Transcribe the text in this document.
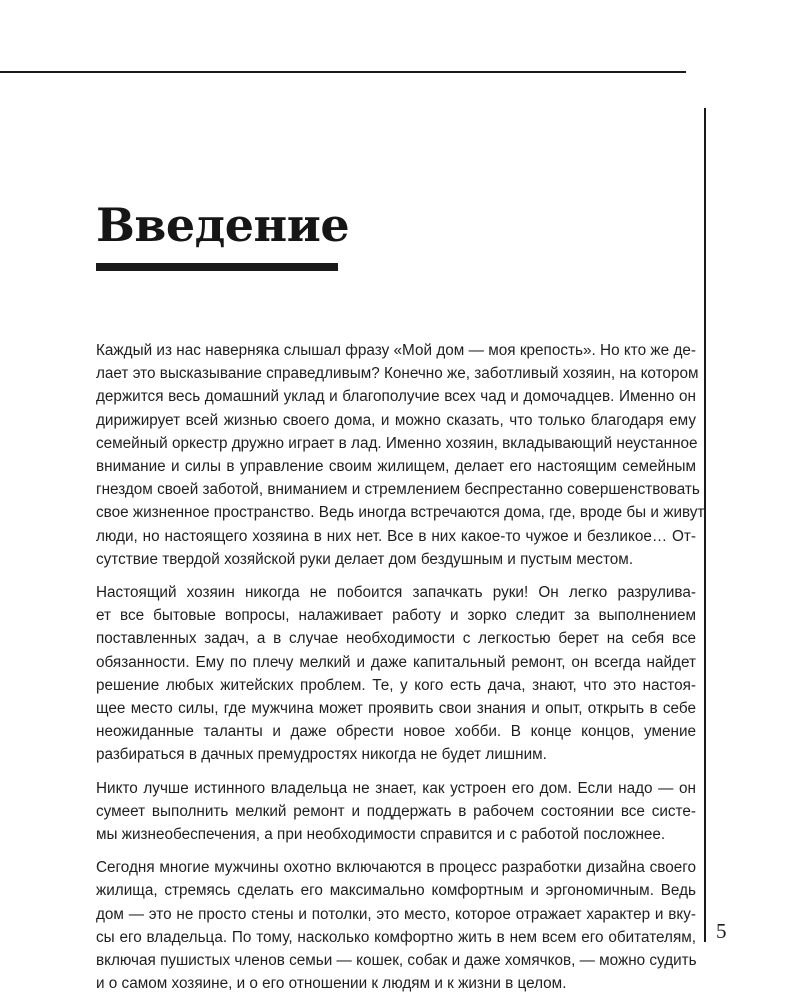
Введение

Каждый из нас наверняка слышал фразу «Мой дом — моя крепость». Но кто же де-
лает это высказывание справедливым? Конечно же, заботливый хозяин, на котором
держится весь домашний уклад и благополучие всех чад и домочадцев. Именно он
дирижирует всей жизнью своего дома, и можно сказать, что только благодаря ему
семейный оркестр дружно играет в лад. Именно хозяин, вкладывающий неустанное
внимание и силы в управление своим жилищем, делает его настоящим семейным
гнездом своей заботой, вниманием и стремлением беспрестанно совершенствовать
свое жизненное пространство. Ведь иногда встречаются дома, где, вроде бы и живут
люди, но настоящего хозяина в них нет. Все в них какое-то чужое и безликое… От-
сутствие твердой хозяйской руки делает дом бездушным и пустым местом.

Настоящий хозяин никогда не побоится запачкать руки! Он легко разрулива-
ет все бытовые вопросы, налаживает работу и зорко следит за выполнением
поставленных задач, а в случае необходимости с легкостью берет на себя все
обязанности. Ему по плечу мелкий и даже капитальный ремонт, он всегда найдет
решение любых житейских проблем. Те, у кого есть дача, знают, что это настоя-
щее место силы, где мужчина может проявить свои знания и опыт, открыть в себе
неожиданные таланты и даже обрести новое хобби. В конце концов, умение
разбираться в дачных премудростях никогда не будет лишним.

Никто лучше истинного владельца не знает, как устроен его дом. Если надо — он
сумеет выполнить мелкий ремонт и поддержать в рабочем состоянии все систе-
мы жизнеобеспечения, а при необходимости справится и с работой посложнее.

Сегодня многие мужчины охотно включаются в процесс разработки дизайна своего
жилища, стремясь сделать его максимально комфортным и эргономичным. Ведь
дом — это не просто стены и потолки, это место, которое отражает характер и вку-
сы его владельца. По тому, насколько комфортно жить в нем всем его обитателям,
включая пушистых членов семьи — кошек, собак и даже хомячков, — можно судить
и о самом хозяине, и о его отношении к людям и к жизни в целом.

5
